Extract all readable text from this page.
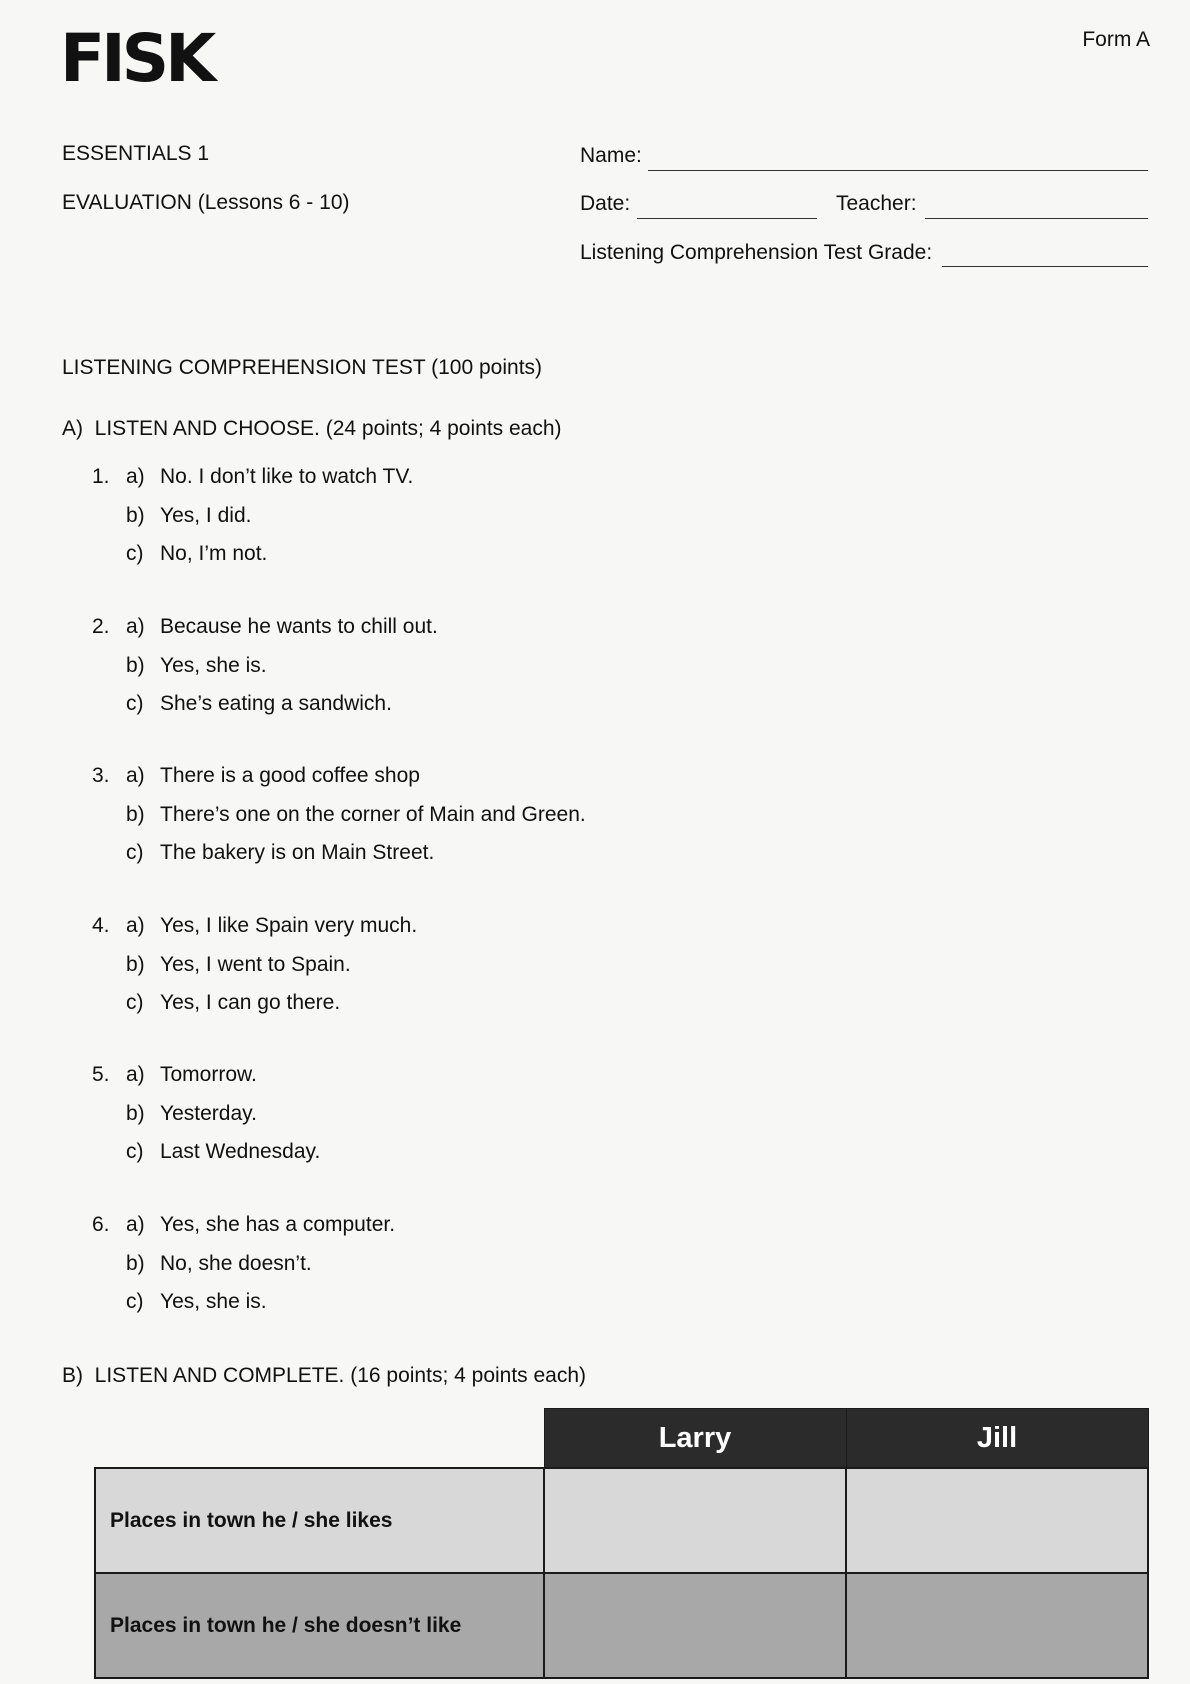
FISK	Form A
ESSENTIALS 1
EVALUATION (Lessons 6 - 10)
Name:
Date:	Teacher:
Listening Comprehension Test Grade:
LISTENING COMPREHENSION TEST (100 points)
A)  LISTEN AND CHOOSE. (24 points; 4 points each)
1. a) No. I don’t like to watch TV.
b) Yes, I did.
c) No, I’m not.
2. a) Because he wants to chill out.
b) Yes, she is.
c) She’s eating a sandwich.
3. a) There is a good coffee shop
b) There’s one on the corner of Main and Green.
c) The bakery is on Main Street.
4. a) Yes, I like Spain very much.
b) Yes, I went to Spain.
c) Yes, I can go there.
5. a) Tomorrow.
b) Yesterday.
c) Last Wednesday.
6. a) Yes, she has a computer.
b) No, she doesn’t.
c) Yes, she is.
B)  LISTEN AND COMPLETE. (16 points; 4 points each)
	Larry	Jill
Places in town he / she likes		
Places in town he / she doesn’t like		
